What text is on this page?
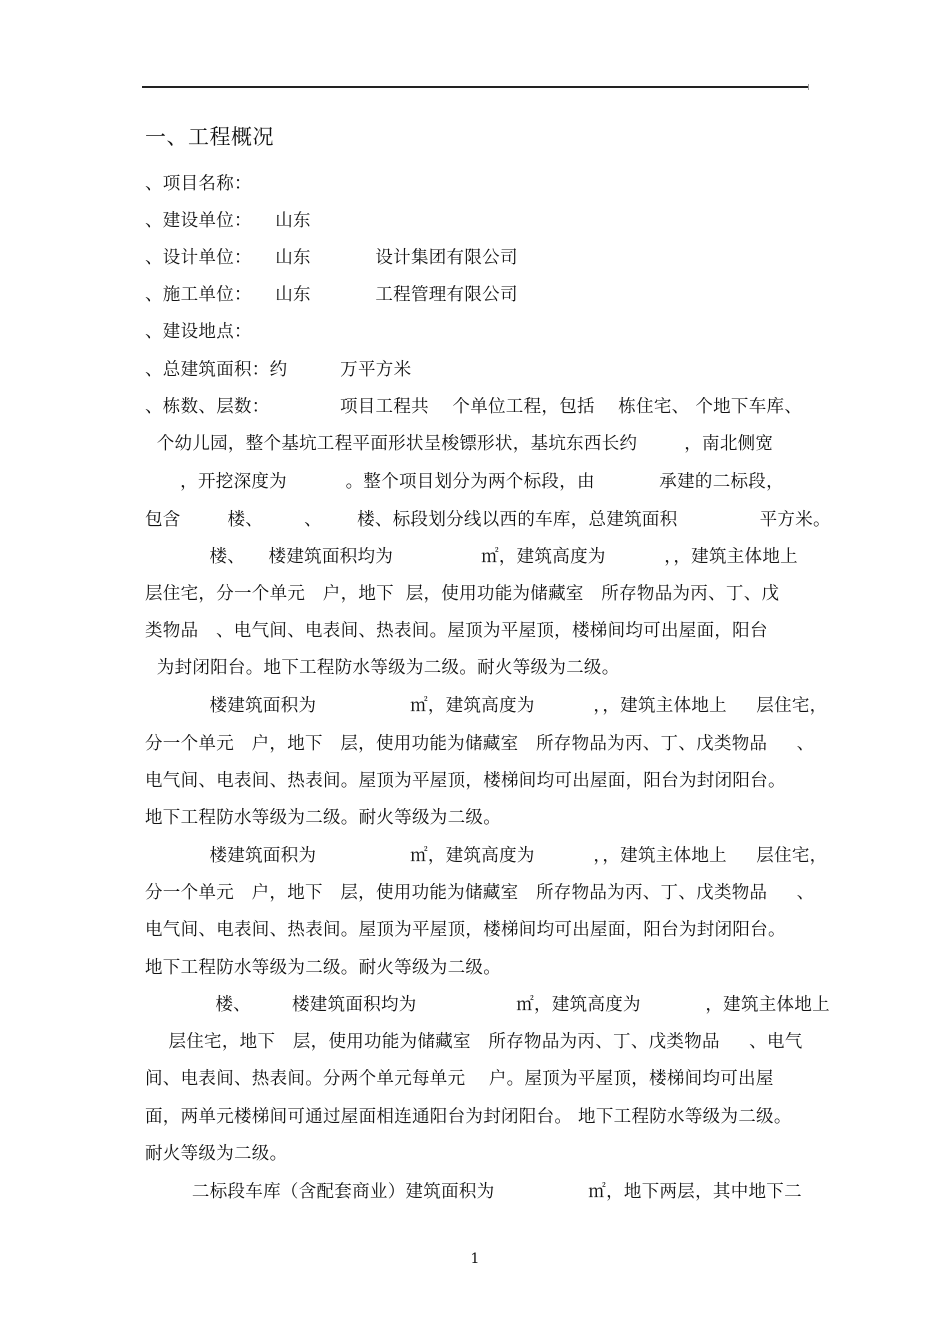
一、工程概况
、项目名称：
、建设单位：    山东
、设计单位：    山东           设计集团有限公司
、施工单位：    山东           工程管理有限公司
、建设地点：
、总建筑面积：约         万平方米
、栋数、层数：            项目工程共    个单位工程，包括    栋住宅、 个地下车库、
个幼儿园，整个基坑工程平面形状呈梭镖形状，基坑东西长约        ，南北侧宽
，开挖深度为          。整个项目划分为两个标段，由           承建的二标段，
包含        楼、       、      楼、标段划分线以西的车库，总建筑面积              平方米。
楼、    楼建筑面积均为               ㎡，建筑高度为          ，，建筑主体地上
层住宅，分一个单元   户，地下  层，使用功能为储藏室   所存物品为丙、丁、戊
类物品   、电气间、电表间、热表间。屋顶为平屋顶，楼梯间均可出屋面，阳台
为封闭阳台。地下工程防水等级为二级。耐火等级为二级。
楼建筑面积为                ㎡，建筑高度为          ，，建筑主体地上     层住宅，
分一个单元   户，地下   层，使用功能为储藏室   所存物品为丙、丁、戊类物品     、
电气间、电表间、热表间。屋顶为平屋顶，楼梯间均可出屋面，阳台为封闭阳台。
地下工程防水等级为二级。耐火等级为二级。
楼建筑面积为                ㎡，建筑高度为          ，，建筑主体地上     层住宅，
分一个单元   户，地下   层，使用功能为储藏室   所存物品为丙、丁、戊类物品     、
电气间、电表间、热表间。屋顶为平屋顶，楼梯间均可出屋面，阳台为封闭阳台。
地下工程防水等级为二级。耐火等级为二级。
楼、       楼建筑面积均为                 ㎡，建筑高度为           ，建筑主体地上
层住宅，地下   层，使用功能为储藏室   所存物品为丙、丁、戊类物品     、电气
间、电表间、热表间。分两个单元每单元    户。屋顶为平屋顶，楼梯间均可出屋
面，两单元楼梯间可通过屋面相连通阳台为封闭阳台。 地下工程防水等级为二级。
耐火等级为二级。
二标段车库（含配套商业）建筑面积为                ㎡，地下两层，其中地下二
1
